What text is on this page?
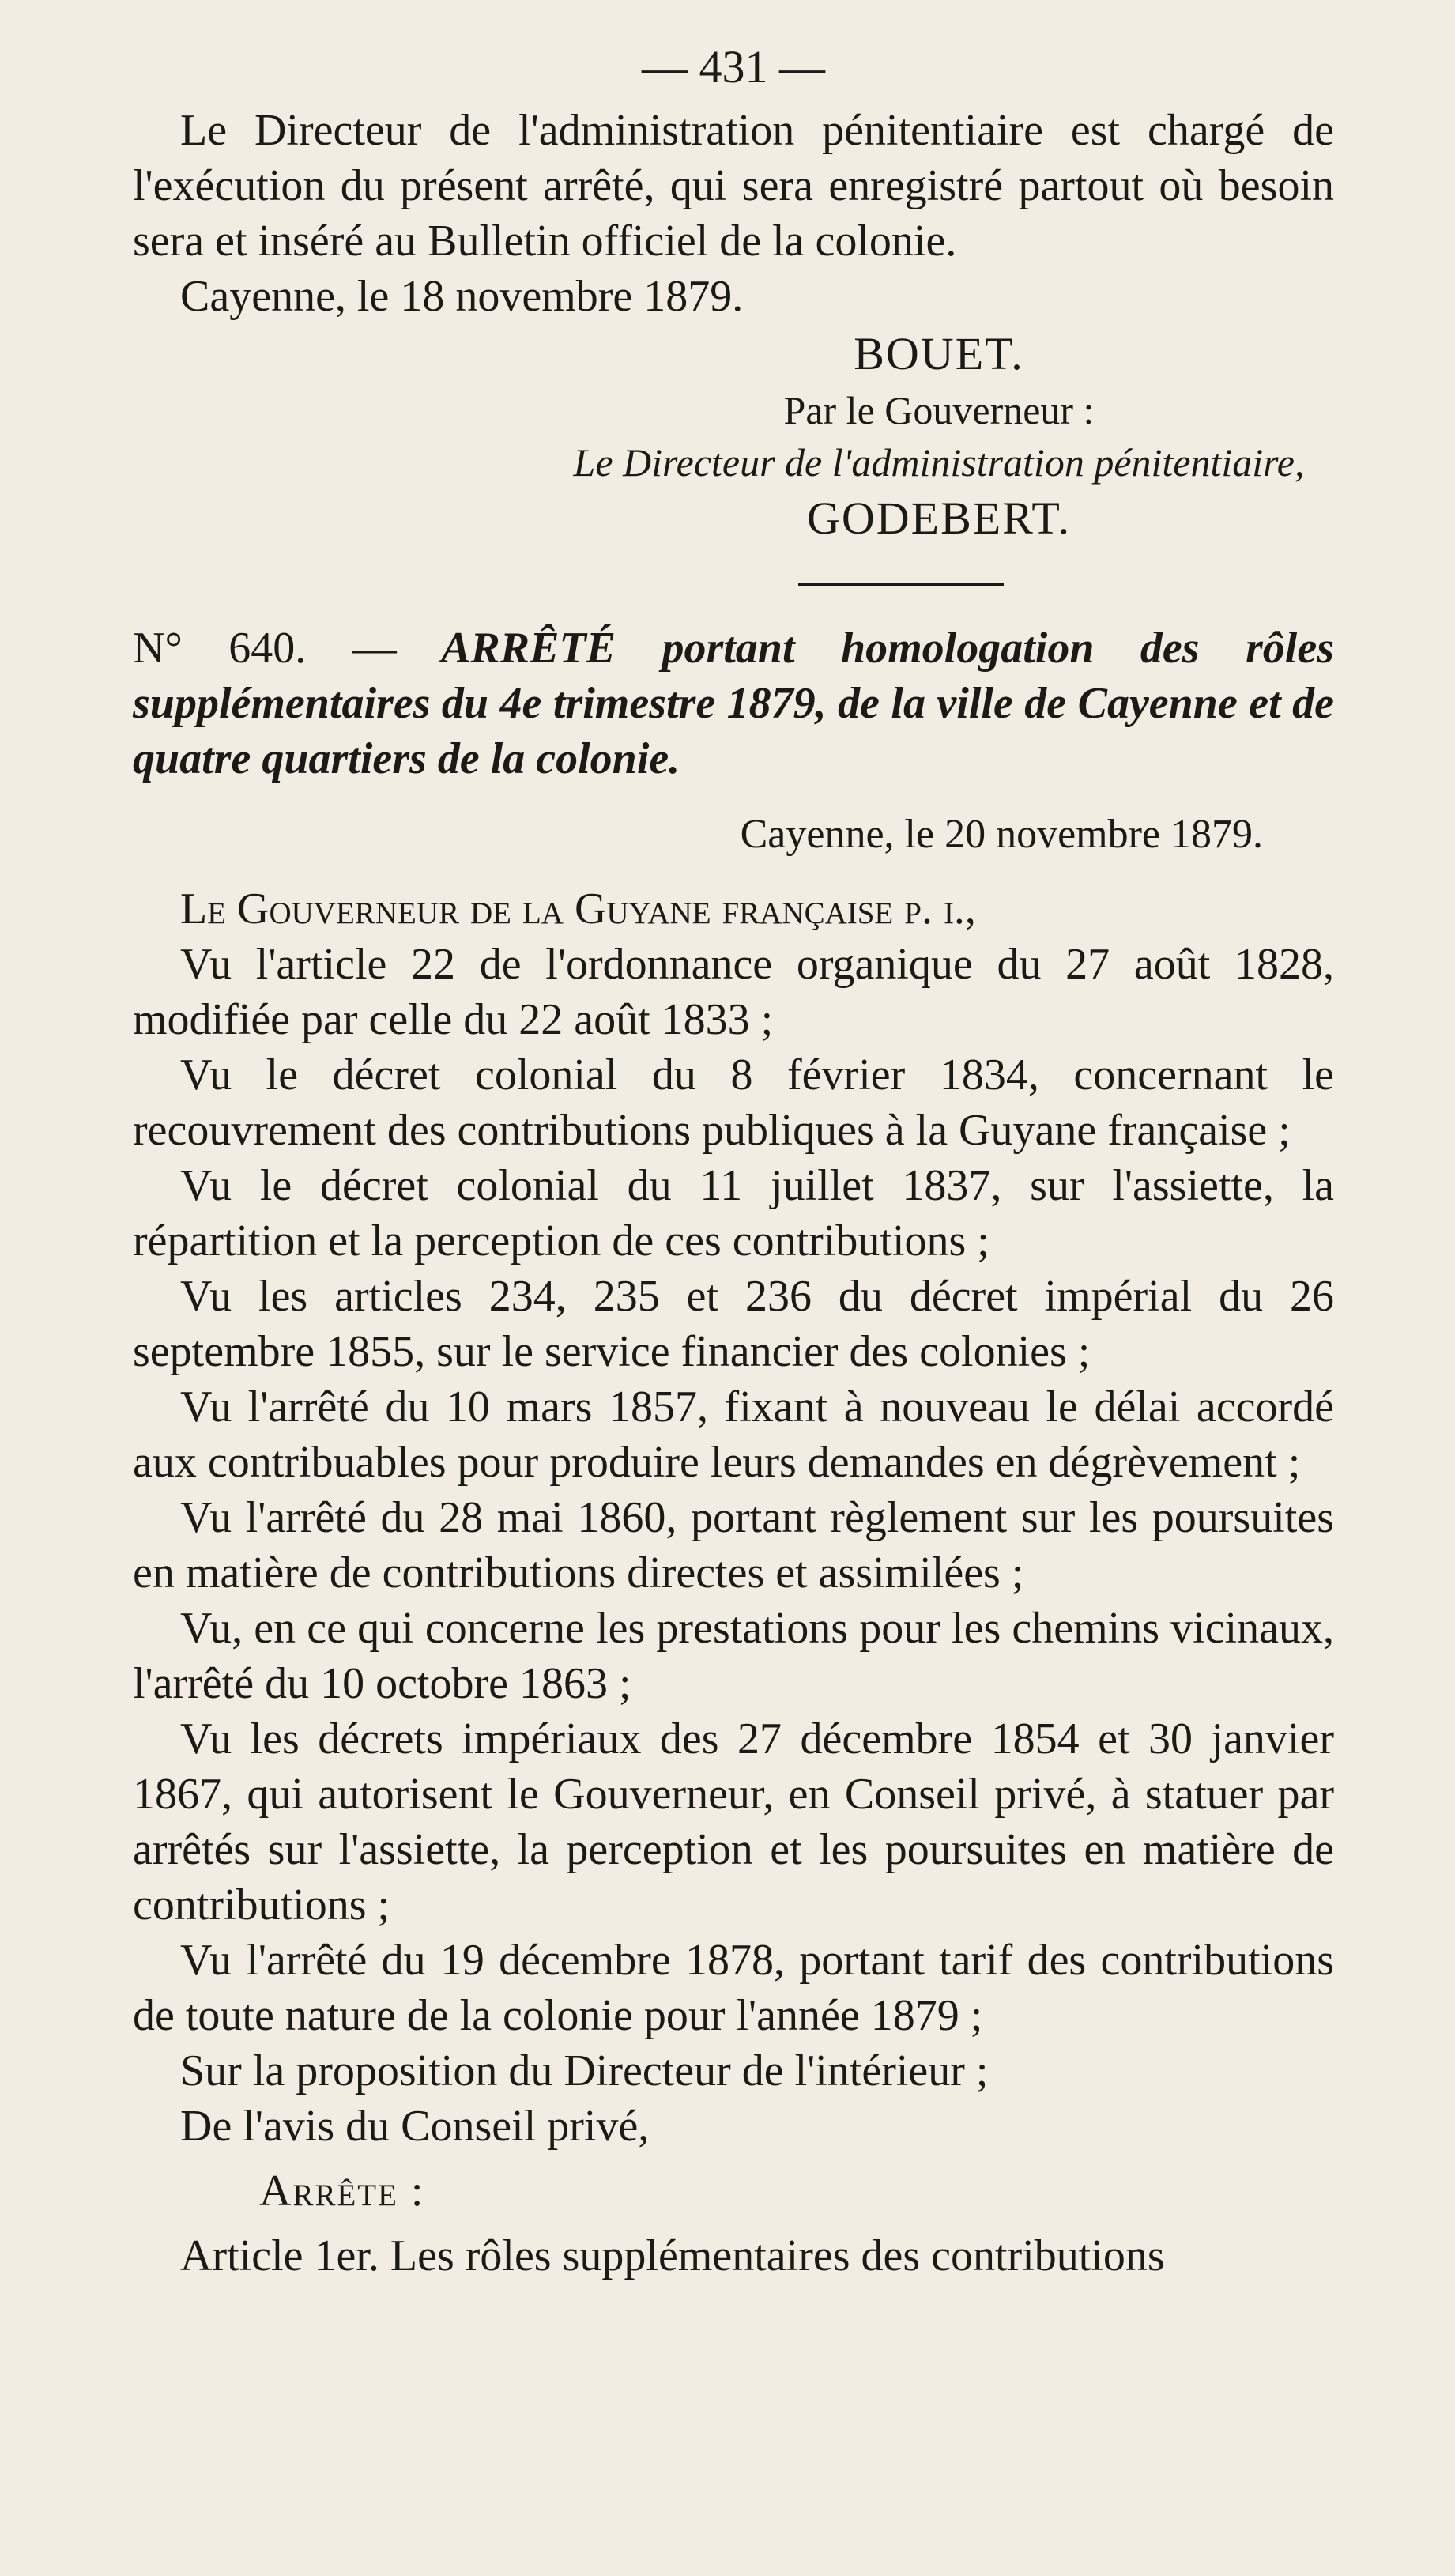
— 431 —

Le Directeur de l'administration pénitentiaire est chargé de l'exécution du présent arrêté, qui sera enregistré partout où besoin sera et inséré au Bulletin officiel de la colonie.

Cayenne, le 18 novembre 1879.

BOUET.
Par le Gouverneur :
Le Directeur de l'administration pénitentiaire,
GODEBERT.

N° 640. — ARRÊTÉ portant homologation des rôles supplémentaires du 4e trimestre 1879, de la ville de Cayenne et de quatre quartiers de la colonie.

Cayenne, le 20 novembre 1879.

Le Gouverneur de la Guyane française p. i.,

Vu l'article 22 de l'ordonnance organique du 27 août 1828, modifiée par celle du 22 août 1833 ;

Vu le décret colonial du 8 février 1834, concernant le recouvrement des contributions publiques à la Guyane française ;

Vu le décret colonial du 11 juillet 1837, sur l'assiette, la répartition et la perception de ces contributions ;

Vu les articles 234, 235 et 236 du décret impérial du 26 septembre 1855, sur le service financier des colonies ;

Vu l'arrêté du 10 mars 1857, fixant à nouveau le délai accordé aux contribuables pour produire leurs demandes en dégrèvement ;

Vu l'arrêté du 28 mai 1860, portant règlement sur les poursuites en matière de contributions directes et assimilées ;

Vu, en ce qui concerne les prestations pour les chemins vicinaux, l'arrêté du 10 octobre 1863 ;

Vu les décrets impériaux des 27 décembre 1854 et 30 janvier 1867, qui autorisent le Gouverneur, en Conseil privé, à statuer par arrêtés sur l'assiette, la perception et les poursuites en matière de contributions ;

Vu l'arrêté du 19 décembre 1878, portant tarif des contributions de toute nature de la colonie pour l'année 1879 ;

Sur la proposition du Directeur de l'intérieur ;

De l'avis du Conseil privé,

Arrête :

Article 1er. Les rôles supplémentaires des contributions
